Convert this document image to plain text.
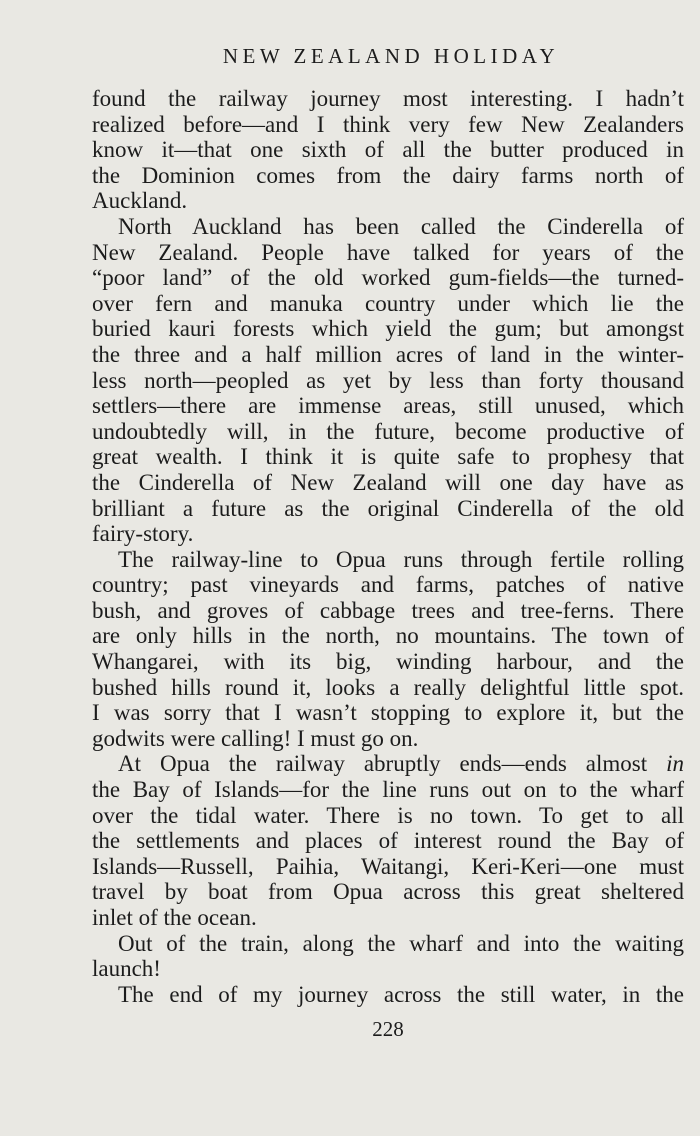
NEW ZEALAND HOLIDAY
found the railway journey most interesting. I hadn’t
realized before—and I think very few New Zealanders
know it—that one sixth of all the butter produced in
the Dominion comes from the dairy farms north of
Auckland.
North Auckland has been called the Cinderella of
New Zealand. People have talked for years of the
“poor land” of the old worked gum-fields—the turned-
over fern and manuka country under which lie the
buried kauri forests which yield the gum; but amongst
the three and a half million acres of land in the winter-
less north—peopled as yet by less than forty thousand
settlers—there are immense areas, still unused, which
undoubtedly will, in the future, become productive of
great wealth. I think it is quite safe to prophesy that
the Cinderella of New Zealand will one day have as
brilliant a future as the original Cinderella of the old
fairy-story.
The railway-line to Opua runs through fertile rolling
country; past vineyards and farms, patches of native
bush, and groves of cabbage trees and tree-ferns. There
are only hills in the north, no mountains. The town of
Whangarei, with its big, winding harbour, and the
bushed hills round it, looks a really delightful little spot.
I was sorry that I wasn’t stopping to explore it, but the
godwits were calling! I must go on.
At Opua the railway abruptly ends—ends almost in
the Bay of Islands—for the line runs out on to the wharf
over the tidal water. There is no town. To get to all
the settlements and places of interest round the Bay of
Islands—Russell, Paihia, Waitangi, Keri-Keri—one must
travel by boat from Opua across this great sheltered
inlet of the ocean.
Out of the train, along the wharf and into the waiting
launch!
The end of my journey across the still water, in the
228
